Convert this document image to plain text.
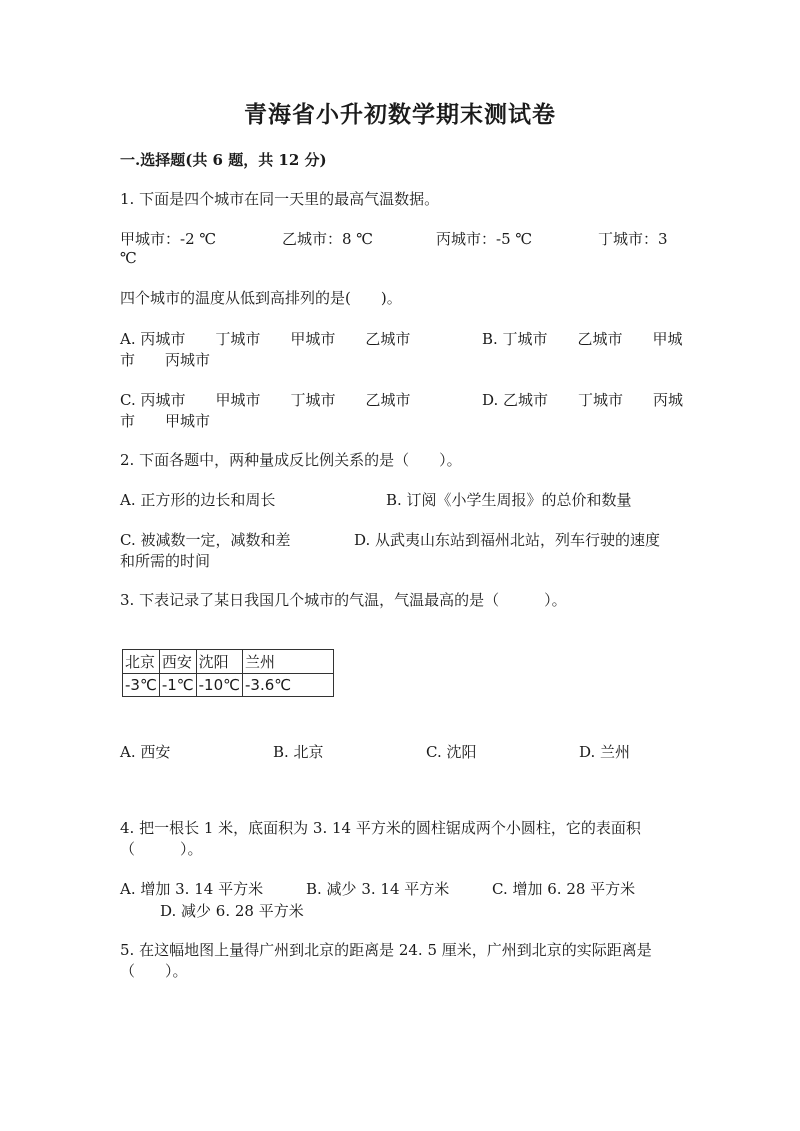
青海省小升初数学期末测试卷
一.选择题(共 6 题，共 12 分)
1. 下面是四个城市在同一天里的最高气温数据。
甲城市：-2 ℃	乙城市：8 ℃	丙城市：-5 ℃	丁城市：3
℃
四个城市的温度从低到高排列的是(　　)。
A. 丙城市　　丁城市　　甲城市　　乙城市	B. 丁城市　　乙城市　　甲城
市　　丙城市
C. 丙城市　　甲城市　　丁城市　　乙城市	D. 乙城市　　丁城市　　丙城
市　　甲城市
2. 下面各题中，两种量成反比例关系的是（　　）。
A. 正方形的边长和周长	B. 订阅《小学生周报》的总价和数量
C. 被减数一定，减数和差	D. 从武夷山东站到福州北站，列车行驶的速度
和所需的时间
3. 下表记录了某日我国几个城市的气温，气温最高的是（　　　）。
北京	西安	沈阳	兰州
-3℃	-1℃	-10℃	-3.6℃
A. 西安	B. 北京	C. 沈阳	D. 兰州
4. 把一根长 1 米，底面积为 3. 14 平方米的圆柱锯成两个小圆柱，它的表面积
（　　　）。
A. 增加 3. 14 平方米	B. 减少 3. 14 平方米	C. 增加 6. 28 平方米
D. 减少 6. 28 平方米
5. 在这幅地图上量得广州到北京的距离是 24. 5 厘米，广州到北京的实际距离是
（　　）。
